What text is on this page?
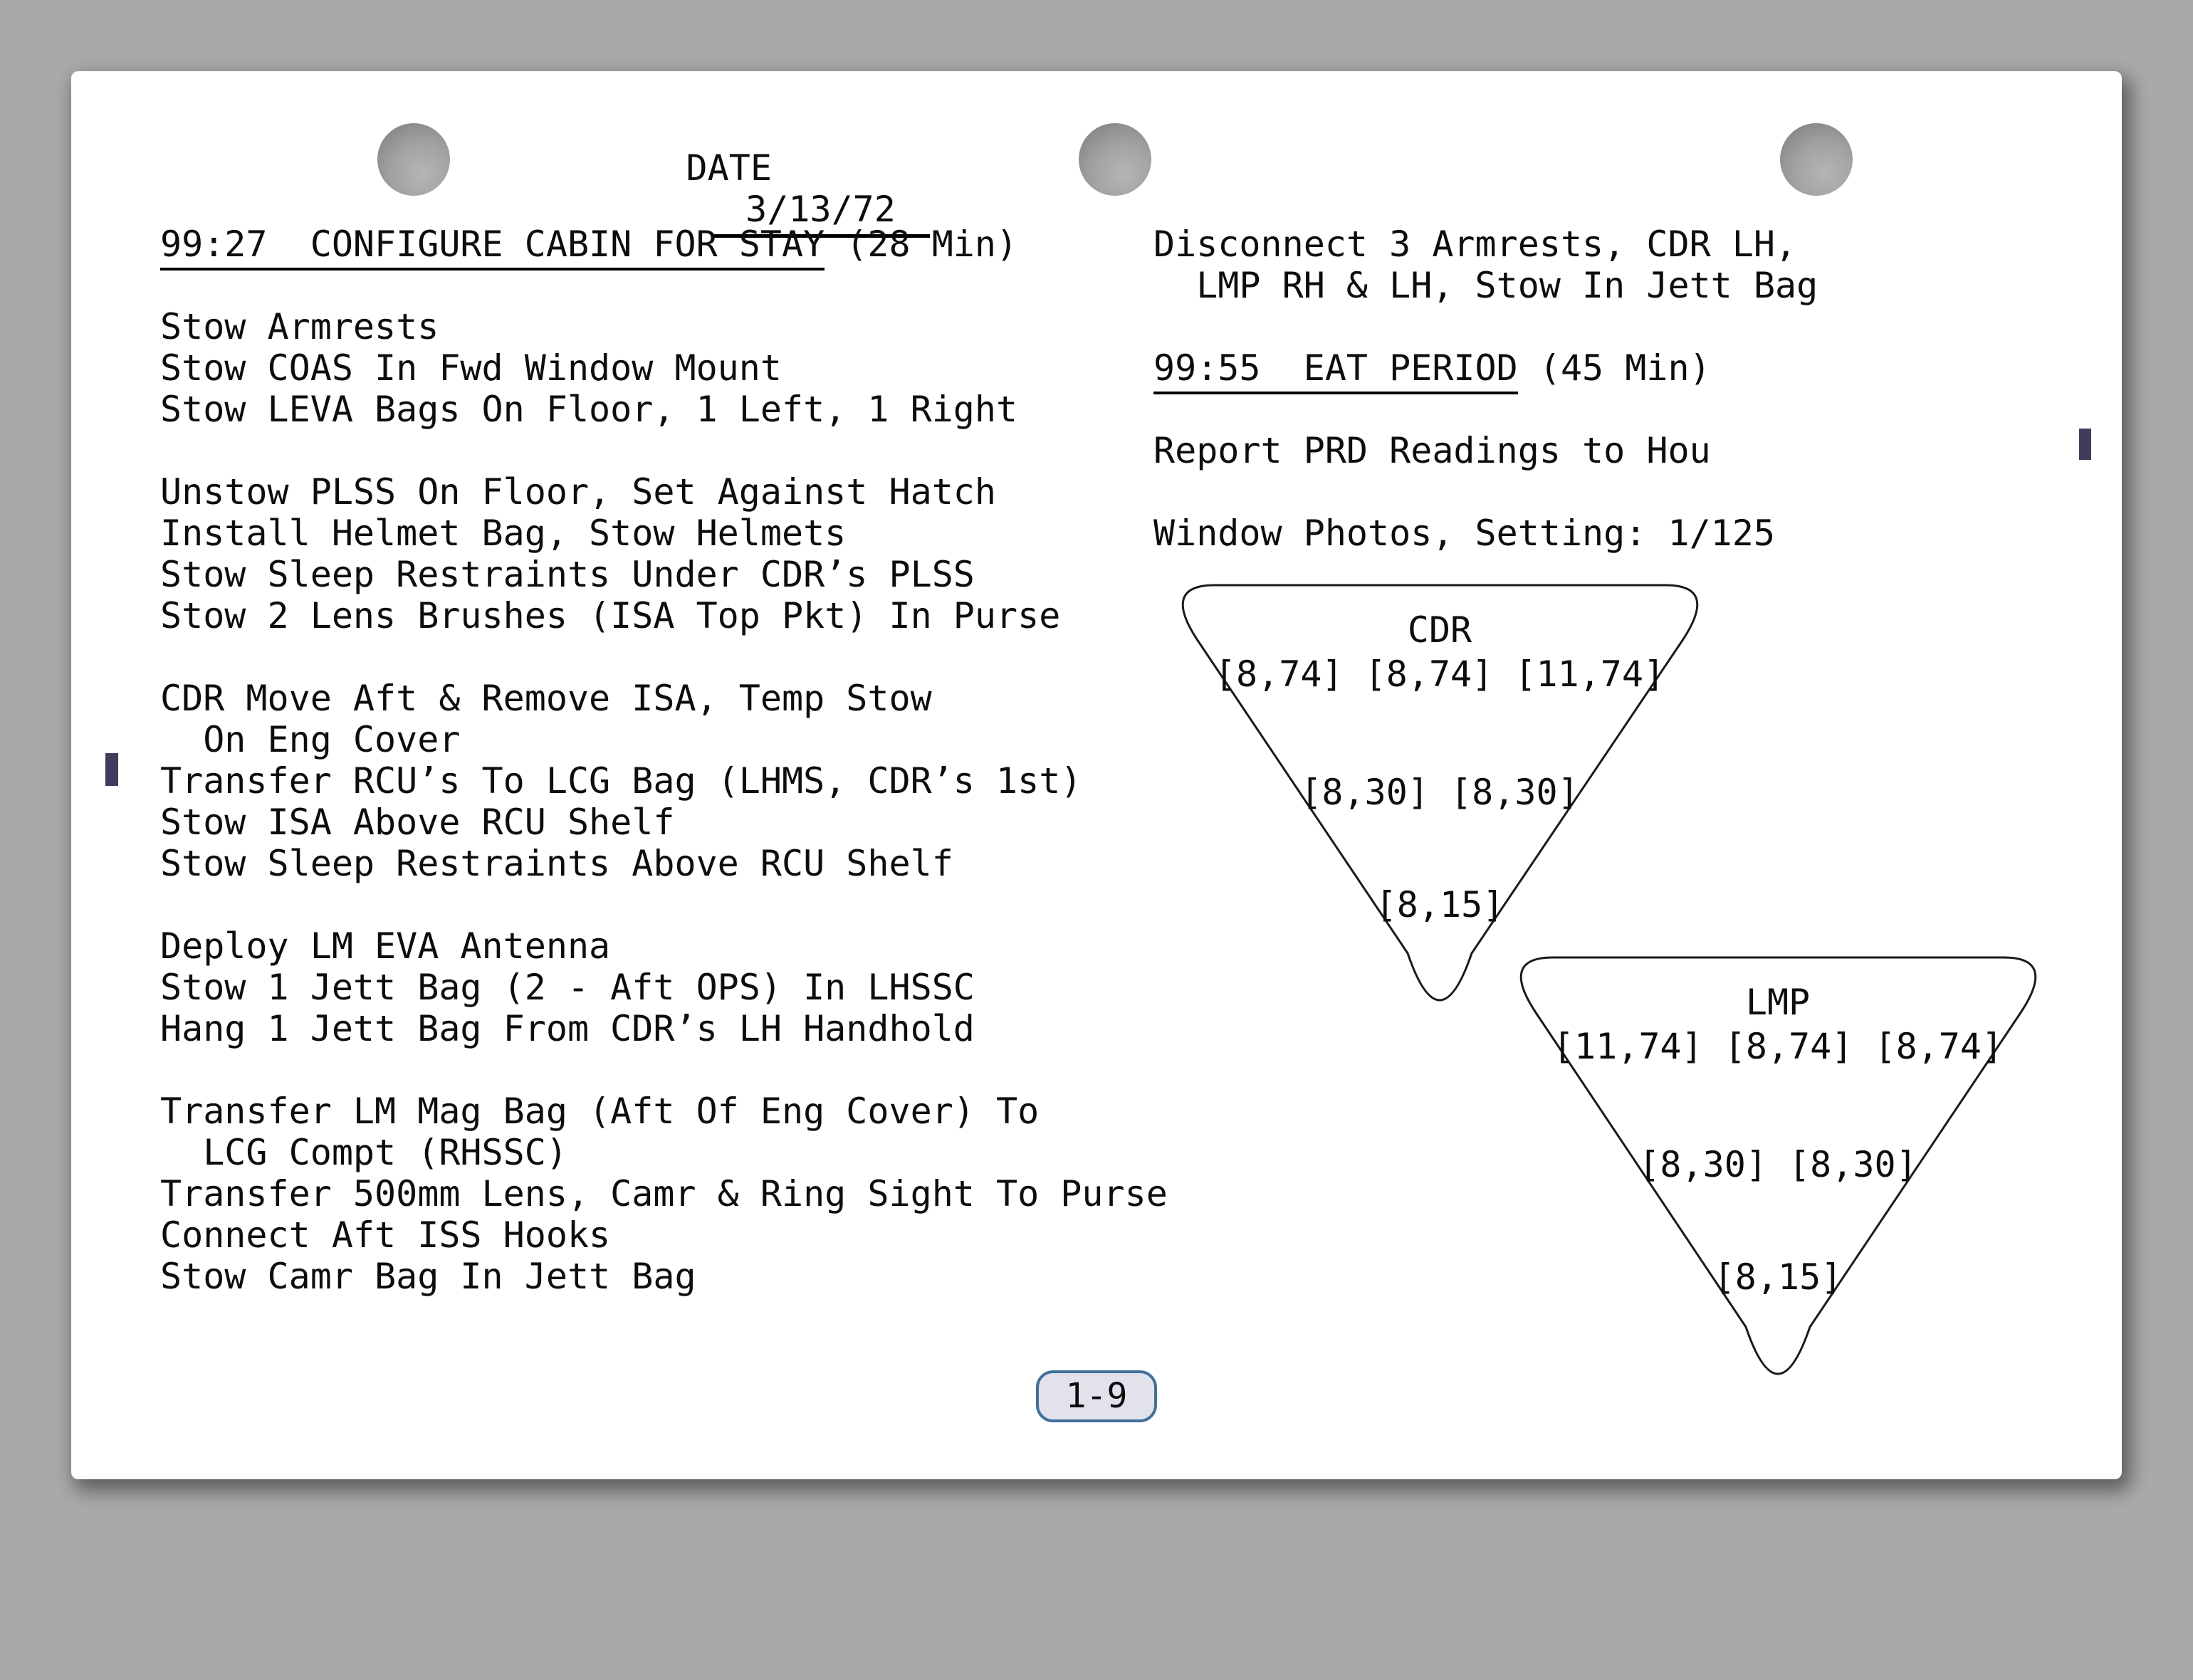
DATE
3/13/72

99:27  CONFIGURE CABIN FOR STAY (28 Min)
Stow Armrests
Stow COAS In Fwd Window Mount
Stow LEVA Bags On Floor, 1 Left, 1 Right
Unstow PLSS On Floor, Set Against Hatch
Install Helmet Bag, Stow Helmets
Stow Sleep Restraints Under CDR’s PLSS
Stow 2 Lens Brushes (ISA Top Pkt) In Purse
CDR Move Aft & Remove ISA, Temp Stow
On Eng Cover
Transfer RCU’s To LCG Bag (LHMS, CDR’s 1st)
Stow ISA Above RCU Shelf
Stow Sleep Restraints Above RCU Shelf
Deploy LM EVA Antenna
Stow 1 Jett Bag (2 - Aft OPS) In LHSSC
Hang 1 Jett Bag From CDR’s LH Handhold
Transfer LM Mag Bag (Aft Of Eng Cover) To
LCG Compt (RHSSC)
Transfer 500mm Lens, Camr & Ring Sight To Purse
Connect Aft ISS Hooks
Stow Camr Bag In Jett Bag
Disconnect 3 Armrests, CDR LH,
LMP RH & LH, Stow In Jett Bag
99:55  EAT PERIOD (45 Min)
Report PRD Readings to Hou
Window Photos, Setting: 1/125
CDR
[8,74] [8,74] [11,74]
[8,30] [8,30]
[8,15]
LMP
[11,74] [8,74] [8,74]
[8,30] [8,30]
[8,15]
1-9
